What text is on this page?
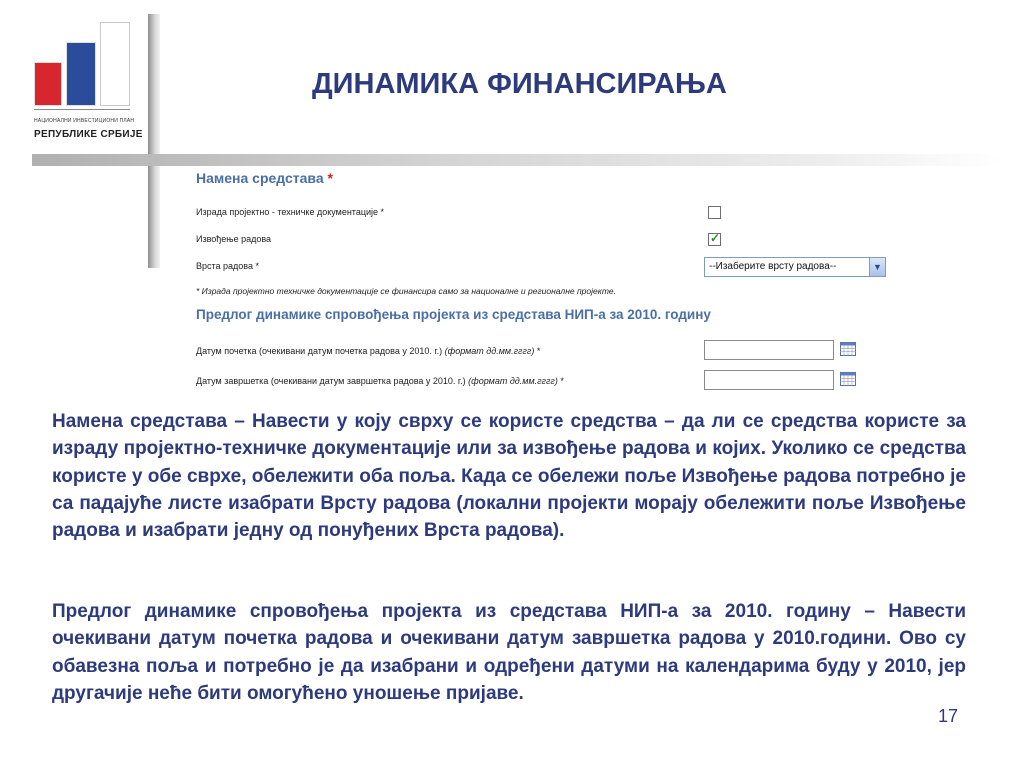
НАЦИОНАЛНИ ИНВЕСТИЦИОНИ ПЛАН
РЕПУБЛИКЕ СРБИЈЕ
ДИНАМИКА ФИНАНСИРАЊА
Намена средстава *
Израда пројектно - техничке документације *
Извођење радова	✓
Врста радова *	--Изаберите врсту радова--	▼
* Израда пројектно техничке документације се финансира само за националне и регионалне пројекте.
Предлог динамике спровођења пројекта из средстава НИП-а за 2010. годину
Датум почетка (очекивани датум почетка радова у 2010. г.) (формат дд.мм.гггг) *
Датум завршетка (очекивани датум завршетка радова у 2010. г.) (формат дд.мм.гггг) *
Намена средстава – Навести у коју сврху се користе средства – да ли се средства користе за израду пројектно-техничке документације или за извођење радова и којих. Уколико се средства користе у обе сврхе, обележити оба поља. Када се обележи поље Извођење радова потребно је са падајуће листе изабрати Врсту радова (локални пројекти морају обележити поље Извођење радова и изабрати једну од понуђених Врста радова).
Предлог динамике спровођења пројекта из средстава НИП-а за 2010. годину – Навести очекивани датум почетка радова и очекивани датум завршетка радова у 2010.години. Ово су обавезна поља и потребно је да изабрани и одређени датуми на календарима буду у 2010, јер другачије неће бити омогућено уношење пријаве.
17
